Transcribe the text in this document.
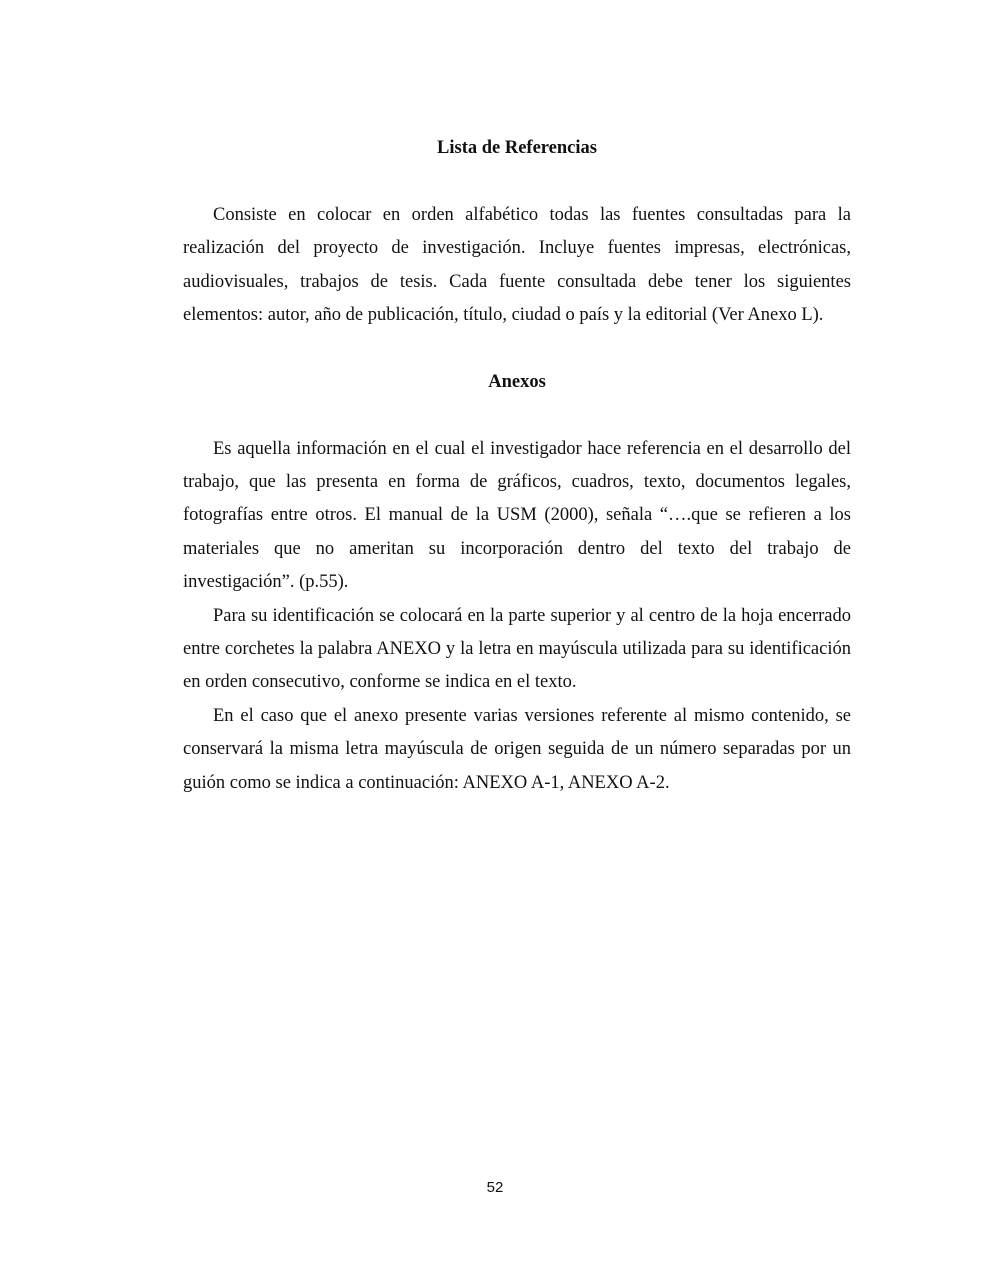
Lista de Referencias

Consiste en colocar en orden alfabético todas las fuentes consultadas para la realización del proyecto de investigación. Incluye fuentes impresas, electrónicas, audiovisuales, trabajos de tesis. Cada fuente consultada debe tener los siguientes elementos: autor, año de publicación, título, ciudad o país y la editorial (Ver Anexo L).

Anexos

Es aquella información en el cual el investigador hace referencia en el desarrollo del trabajo, que las presenta en forma de gráficos, cuadros, texto, documentos legales, fotografías entre otros. El manual de la USM (2000), señala “….que se refieren a los materiales que no ameritan su incorporación dentro del texto del trabajo de investigación”. (p.55).

Para su identificación se colocará en la parte superior y al centro de la hoja encerrado entre corchetes la palabra ANEXO y la letra en mayúscula utilizada para su identificación en orden consecutivo, conforme se indica en el texto.

En el caso que el anexo presente varias versiones referente al mismo contenido, se conservará la misma letra mayúscula de origen seguida de un número separadas por un guión como se indica a continuación: ANEXO A-1, ANEXO A-2.

52
